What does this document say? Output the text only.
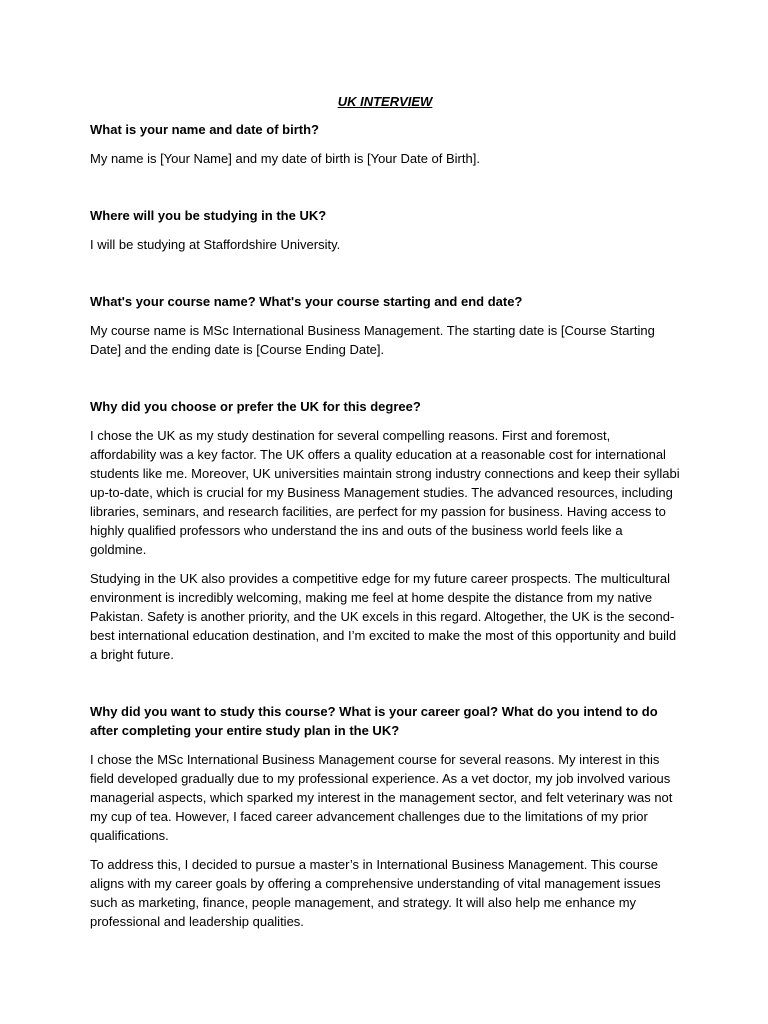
UK INTERVIEW
What is your name and date of birth?
My name is [Your Name] and my date of birth is [Your Date of Birth].
Where will you be studying in the UK?
I will be studying at Staffordshire University.
What's your course name? What's your course starting and end date?
My course name is MSc International Business Management. The starting date is [Course Starting Date] and the ending date is [Course Ending Date].
Why did you choose or prefer the UK for this degree?
I chose the UK as my study destination for several compelling reasons. First and foremost, affordability was a key factor. The UK offers a quality education at a reasonable cost for international students like me. Moreover, UK universities maintain strong industry connections and keep their syllabi up-to-date, which is crucial for my Business Management studies. The advanced resources, including libraries, seminars, and research facilities, are perfect for my passion for business. Having access to highly qualified professors who understand the ins and outs of the business world feels like a goldmine.
Studying in the UK also provides a competitive edge for my future career prospects. The multicultural environment is incredibly welcoming, making me feel at home despite the distance from my native Pakistan. Safety is another priority, and the UK excels in this regard. Altogether, the UK is the second-best international education destination, and I’m excited to make the most of this opportunity and build a bright future.
Why did you want to study this course? What is your career goal? What do you intend to do after completing your entire study plan in the UK?
I chose the MSc International Business Management course for several reasons. My interest in this field developed gradually due to my professional experience. As a vet doctor, my job involved various managerial aspects, which sparked my interest in the management sector, and felt veterinary was not my cup of tea. However, I faced career advancement challenges due to the limitations of my prior qualifications.
To address this, I decided to pursue a master’s in International Business Management. This course aligns with my career goals by offering a comprehensive understanding of vital management issues such as marketing, finance, people management, and strategy. It will also help me enhance my professional and leadership qualities.
